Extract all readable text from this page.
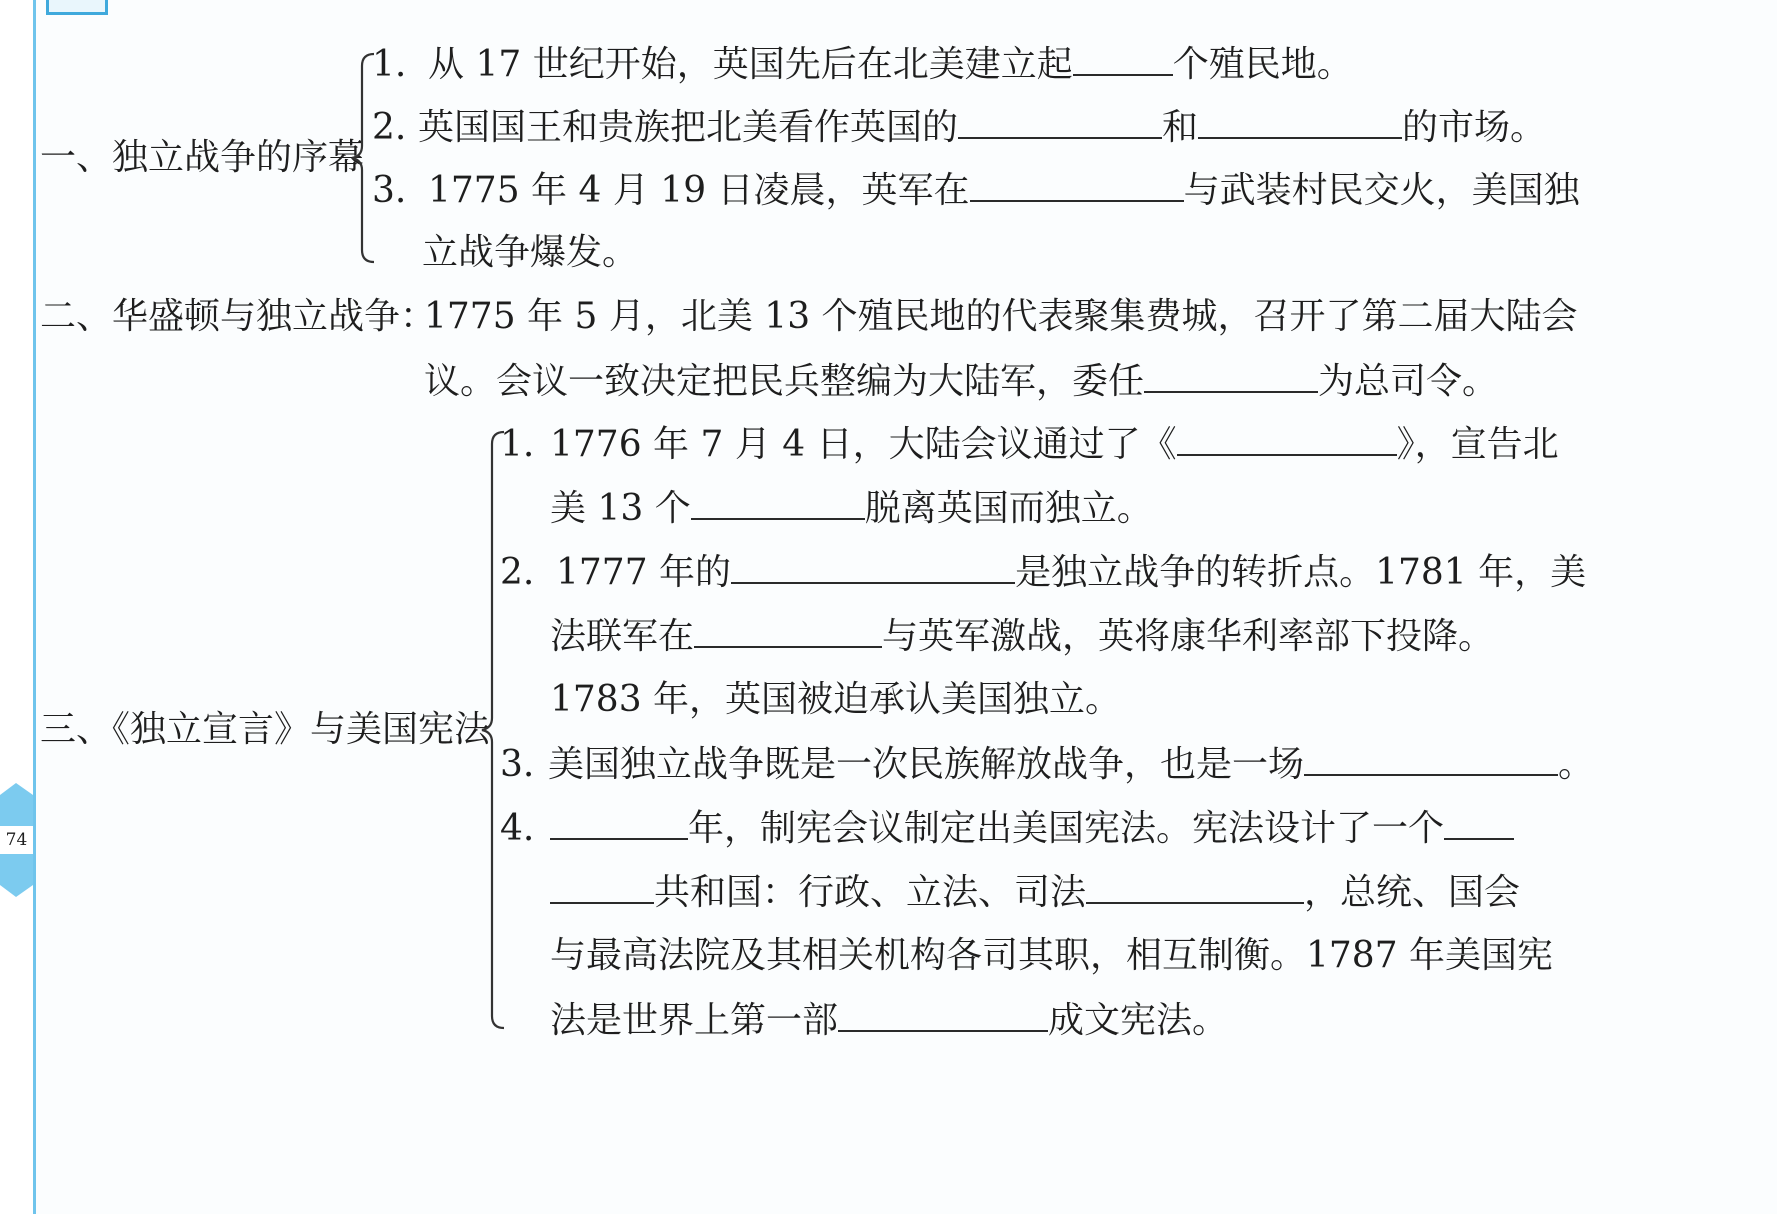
74
一、独立战争的序幕
1. 从 17 世纪开始，英国先后在北美建立起	个殖民地。
2. 英国国王和贵族把北美看作英国的	和	的市场。
3. 1775 年 4 月 19 日凌晨，英军在	与武装村民交火，美国独
立战争爆发。
二、华盛顿与独立战争：
1775 年 5 月，北美 13 个殖民地的代表聚集费城，召开了第二届大陆会
议。会议一致决定把民兵整编为大陆军，委任	为总司令。
三、《独立宣言》与美国宪法
1. 1776 年 7 月 4 日，大陆会议通过了《	》，宣告北
美 13 个	脱离英国而独立。
2. 1777 年的	是独立战争的转折点。1781 年，美
法联军在	与英军激战，英将康华利率部下投降。
1783 年，英国被迫承认美国独立。
3. 美国独立战争既是一次民族解放战争，也是一场	。
4.	年，制宪会议制定出美国宪法。宪法设计了一个
共和国：行政、立法、司法	，总统、国会
与最高法院及其相关机构各司其职，相互制衡。1787 年美国宪
法是世界上第一部	成文宪法。
